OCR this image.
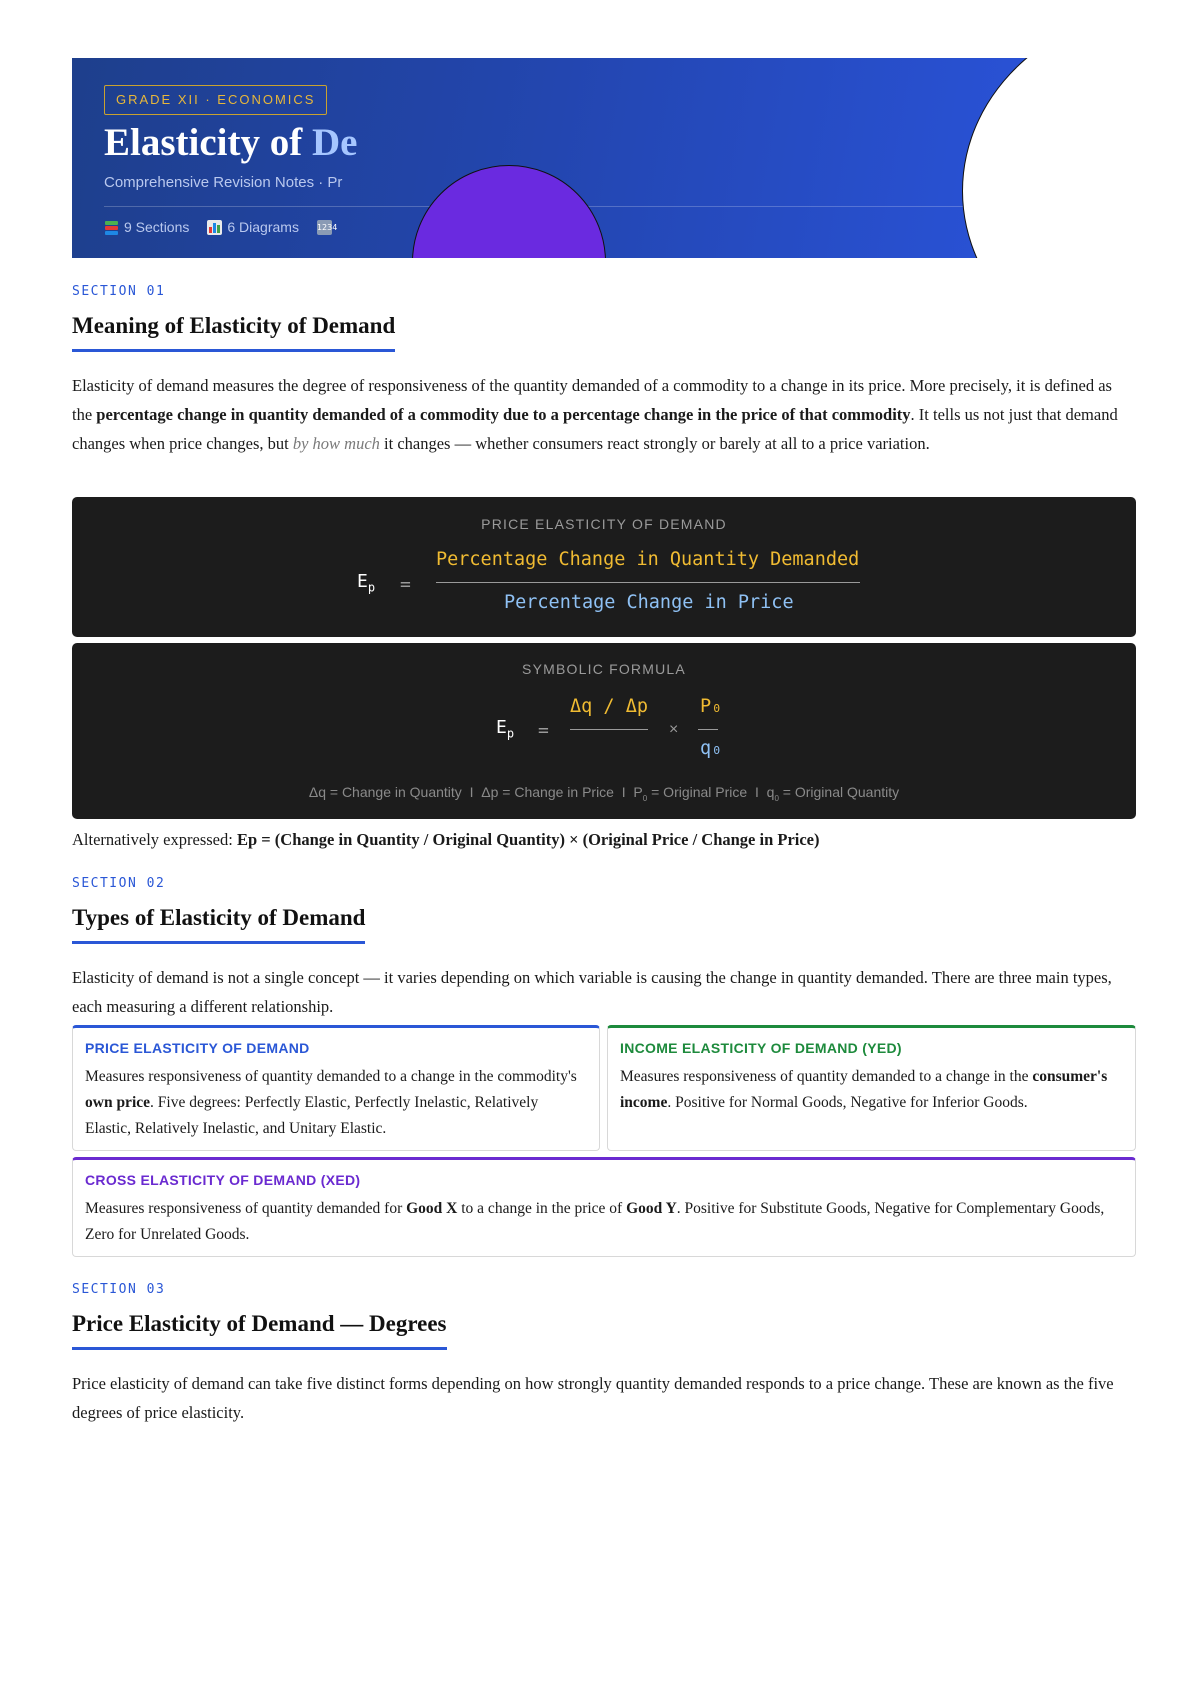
GRADE XII · ECONOMICS
Elasticity of De
Comprehensive Revision Notes · Pr
9 Sections	6 Diagrams 1234
SECTION 01
Meaning of Elasticity of Demand

Elasticity of demand measures the degree of responsiveness of the quantity demanded of a commodity to a change in its price. More precisely, it is defined as the percentage change in quantity demanded of a commodity due to a percentage change in the price of that commodity. It tells us not just that demand changes when price changes, but by how much it changes — whether consumers react strongly or barely at all to a price variation.

PRICE ELASTICITY OF DEMAND
$E_p$ =
Percentage Change in Quantity Demanded
Percentage Change in Price
SYMBOLIC FORMULA
$E_p$ =
Δq / Δp
×
P₀
q₀
Δq = Change in Quantity I Δp = Change in Price I $P_0$ = Original Price I $q_0$ = Original Quantity

Alternatively expressed: Ep = (Change in Quantity / Original Quantity) × (Original Price / Change in Price)

SECTION 02
Types of Elasticity of Demand

Elasticity of demand is not a single concept — it varies depending on which variable is causing the change in quantity demanded. There are three main types, each measuring a different relationship.

PRICE ELASTICITY OF DEMAND

Measures responsiveness of quantity demanded to a change in the commodity's own price. Five degrees: Perfectly Elastic, Perfectly Inelastic, Relatively Elastic, Relatively Inelastic, and Unitary Elastic.

INCOME ELASTICITY OF DEMAND (YED)

Measures responsiveness of quantity demanded to a change in the consumer's income. Positive for Normal Goods, Negative for Inferior Goods.

CROSS ELASTICITY OF DEMAND (XED)

Measures responsiveness of quantity demanded for Good X to a change in the price of Good Y. Positive for Substitute Goods, Negative for Complementary Goods, Zero for Unrelated Goods.

SECTION 03
Price Elasticity of Demand — Degrees

Price elasticity of demand can take five distinct forms depending on how strongly quantity demanded responds to a price change. These are known as the five degrees of price elasticity.
